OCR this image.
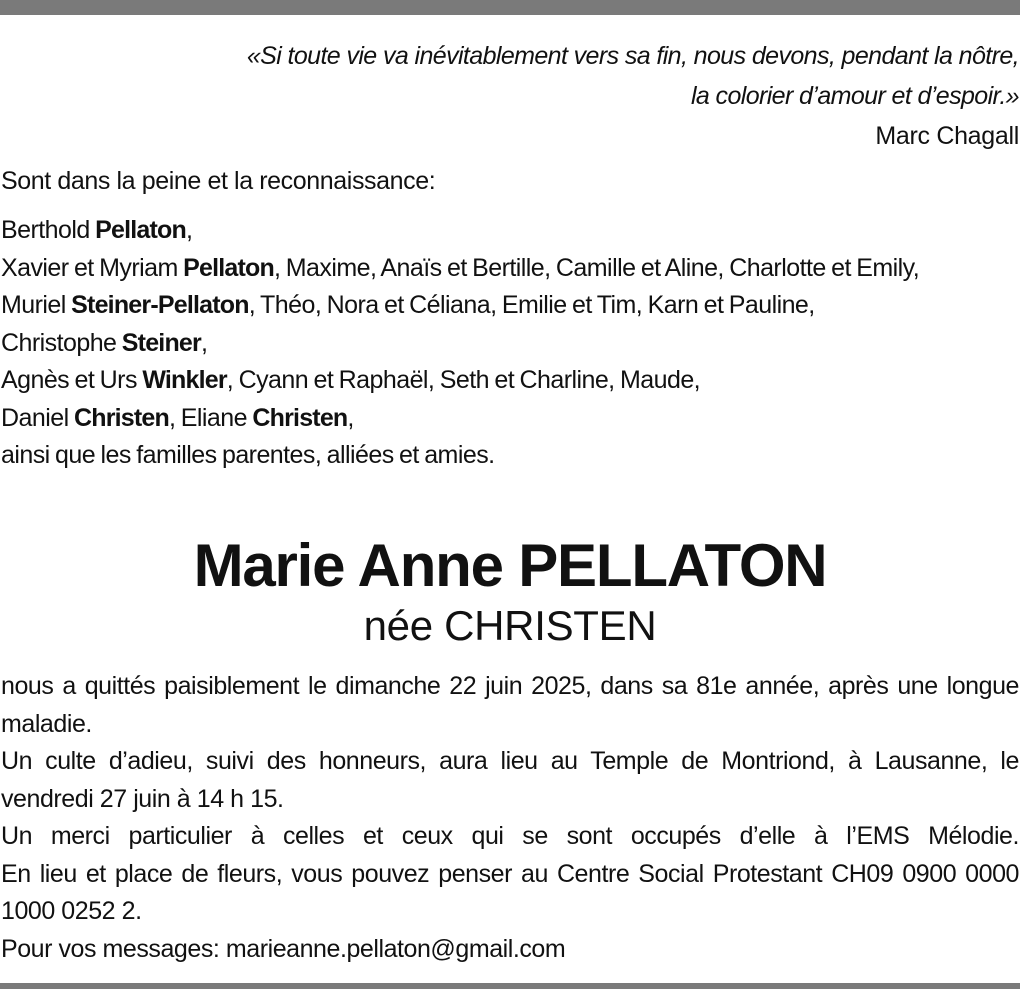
«Si toute vie va inévitablement vers sa fin, nous devons, pendant la nôtre,
la colorier d’amour et d’espoir.»
Marc Chagall
Sont dans la peine et la reconnaissance:
Berthold Pellaton,
Xavier et Myriam Pellaton, Maxime, Anaïs et Bertille, Camille et Aline, Charlotte et Emily,
Muriel Steiner-Pellaton, Théo, Nora et Céliana, Emilie et Tim, Karn et Pauline,
Christophe Steiner,
Agnès et Urs Winkler, Cyann et Raphaël, Seth et Charline, Maude,
Daniel Christen, Eliane Christen,
ainsi que les familles parentes, alliées et amies.
Marie Anne PELLATON
née CHRISTEN

nous a quittés paisiblement le dimanche 22 juin 2025, dans sa 81e année, après une longue maladie.

Un culte d’adieu, suivi des honneurs, aura lieu au Temple de Montriond, à Lausanne, le vendredi 27 juin à 14 h 15.

Un merci particulier à celles et ceux qui se sont occupés d’elle à l’EMS Mélodie.

En lieu et place de fleurs, vous pouvez penser au Centre Social Protestant CH09 0900 0000 1000 0252 2.

Pour vos messages: marieanne.pellaton@gmail.com
